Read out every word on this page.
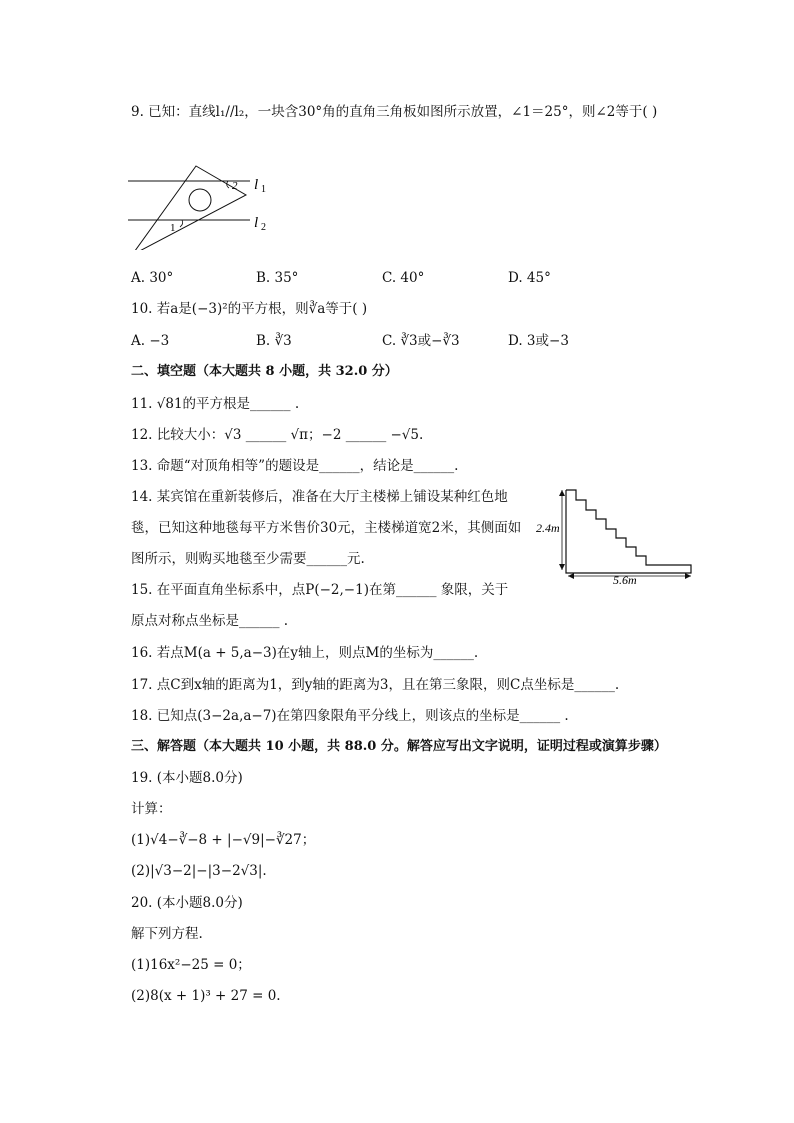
9. 已知：直线l₁//l₂，一块含30°角的直角三角板如图所示放置，∠1＝25°，则∠2等于( )
2
1
l 1
l 2
A. 30°	B. 35°	C. 40°	D. 45°
10. 若a是(−3)²的平方根，则∛a等于( )
A. −3	B. ∛3	C. ∛3或−∛3	D. 3或−3
二、填空题（本大题共 8 小题，共 32.0 分）
11. √81的平方根是______ .
12. 比较大小：√3 ______ √π；−2 ______ −√5.
13. 命题“对顶角相等”的题设是______，结论是______.
14. 某宾馆在重新装修后，准备在大厅主楼梯上铺设某种红色地
毯，已知这种地毯每平方米售价30元，主楼梯道宽2米，其侧面如
图所示，则购买地毯至少需要______元.
2.4m
5.6m
15. 在平面直角坐标系中，点P(−2,−1)在第______ 象限，关于
原点对称点坐标是______ .
16. 若点M(a + 5,a−3)在y轴上，则点M的坐标为______.
17. 点C到x轴的距离为1，到y轴的距离为3，且在第三象限，则C点坐标是______.
18. 已知点(3−2a,a−7)在第四象限角平分线上，则该点的坐标是______ .
三、解答题（本大题共 10 小题，共 88.0 分。解答应写出文字说明，证明过程或演算步骤）
19. (本小题8.0分)
计算：
(1)√4−∛−8 + |−√9|−∛27；
(2)|√3−2|−|3−2√3|.
20. (本小题8.0分)
解下列方程.
(1)16x²−25 = 0；
(2)8(x + 1)³ + 27 = 0.
